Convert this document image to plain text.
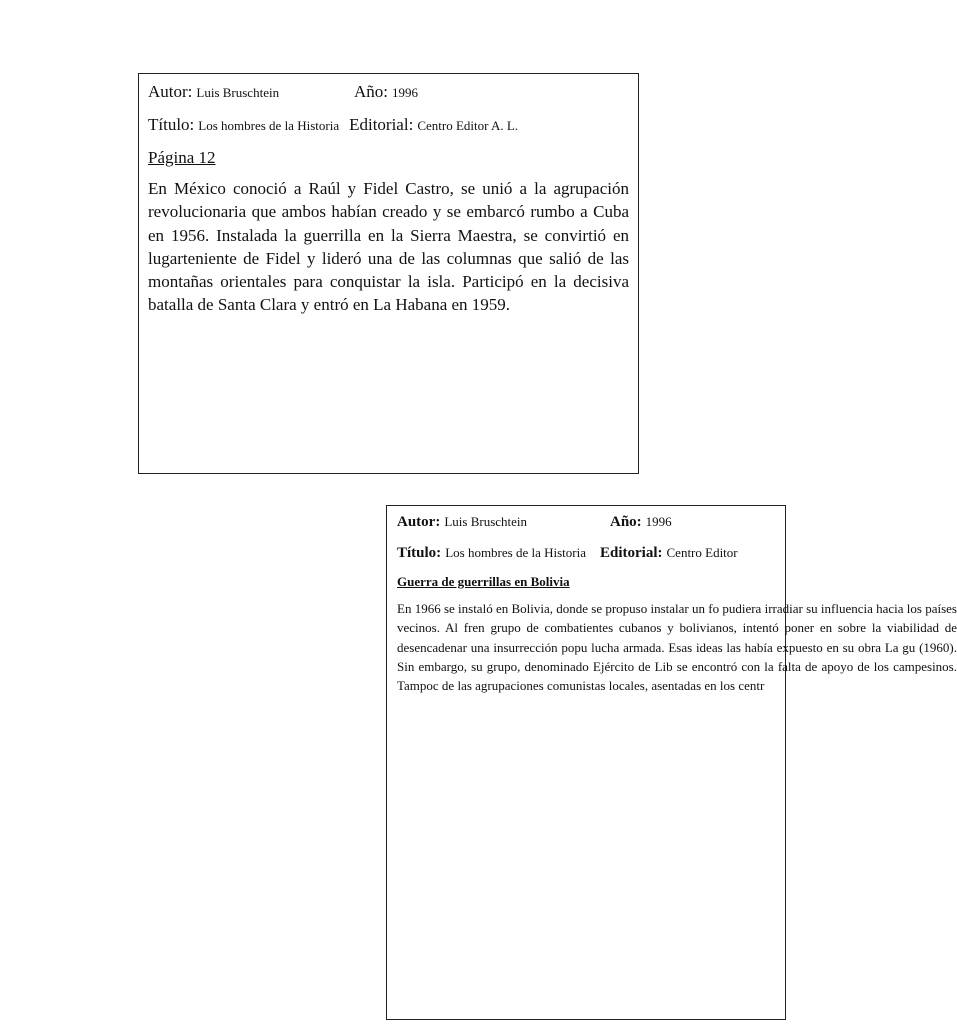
Autor: Luis Bruschtein	Año: 1996
Título: Los hombres de la Historia Editorial: Centro Editor A. L.
Página 12
En México conoció a Raúl y Fidel Castro, se unió a la agrupación revolucionaria que ambos habían creado y se embarcó rumbo a Cuba en 1956. Instalada la guerrilla en la Sierra Maestra, se convirtió en lugarteniente de Fidel y lideró una de las columnas que salió de las montañas orientales para conquistar la isla. Participó en la decisiva batalla de Santa Clara y entró en La Habana en 1959.
Autor: Luis Bruschtein	Año: 1996
Título: Los hombres de la Historia Editorial: Centro Editor
Guerra de guerrillas en Bolivia
En 1966 se instaló en Bolivia, donde se propuso instalar un fo pudiera irradiar su influencia hacia los países vecinos. Al fren grupo de combatientes cubanos y bolivianos, intentó poner en sobre la viabilidad de desencadenar una insurrección popu lucha armada. Esas ideas las había expuesto en su obra La gu (1960). Sin embargo, su grupo, denominado Ejército de Lib se encontró con la falta de apoyo de los campesinos. Tampoc de las agrupaciones comunistas locales, asentadas en los centr
